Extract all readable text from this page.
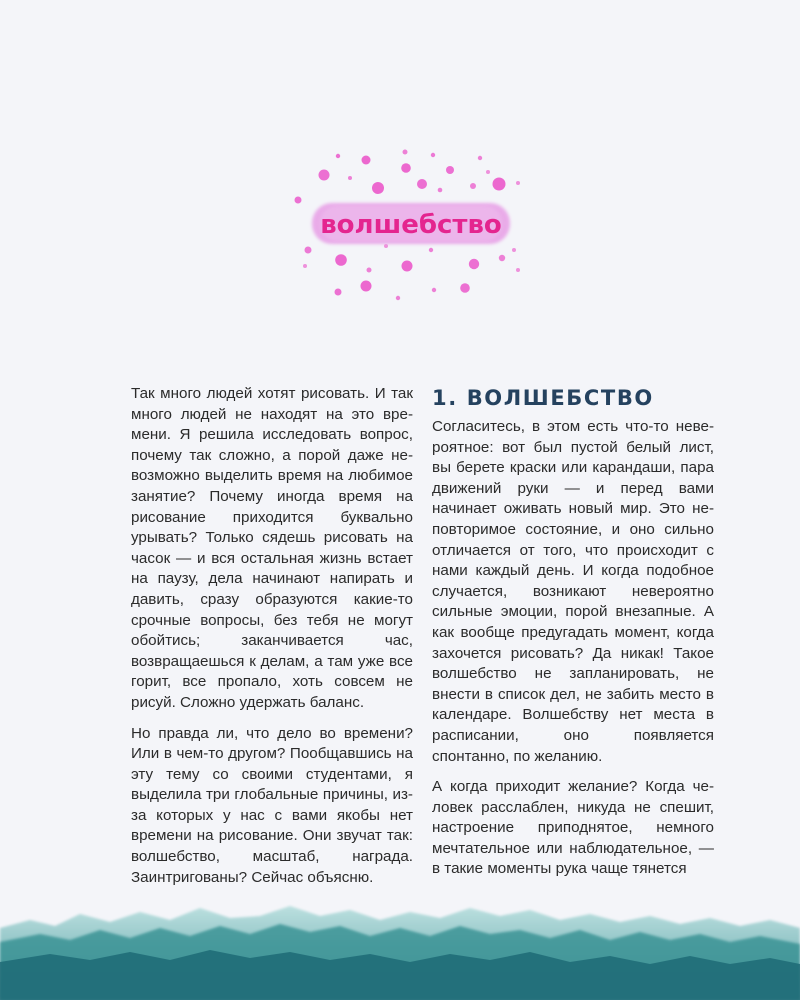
волшебство

Так много людей хотят рисовать. И так много людей не находят на это времени. Я решила исследовать вопрос, почему так сложно, а порой даже невозможно выделить время на любимое занятие? Почему иногда время на рисование приходится буквально урывать? Только сядешь рисовать на часок — и вся остальная жизнь встает на паузу, дела начинают напирать и давить, сразу образуются какие-то срочные вопросы, без тебя не могут обойтись; заканчивается час, возвращаешься к делам, а там уже все горит, все пропало, хоть совсем не рисуй. Сложно удержать баланс.

Но правда ли, что дело во времени? Или в чем-то другом? Пообщавшись на эту тему со своими студентами, я выделила три глобальные причины, из-за которых у нас с вами якобы нет времени на рисование. Они звучат так: волшебство, масштаб, награда. Заинтригованы? Сейчас объясню.

1. ВОЛШЕБСТВО

Согласитесь, в этом есть что-то невероятное: вот был пустой белый лист, вы берете краски или карандаши, пара движений руки — и перед вами начинает оживать новый мир. Это неповторимое состояние, и оно сильно отличается от того, что происходит с нами каждый день. И когда подобное случается, возникают невероятно сильные эмоции, порой внезапные. А как вообще предугадать момент, когда захочется рисовать? Да никак! Такое волшебство не запланировать, не внести в список дел, не забить место в календаре. Волшебству нет места в расписании, оно появляется спонтанно, по желанию.

А когда приходит желание? Когда человек расслаблен, никуда не спешит, настроение приподнятое, немного мечтательное или наблюдательное, — в такие моменты рука чаще тянется
